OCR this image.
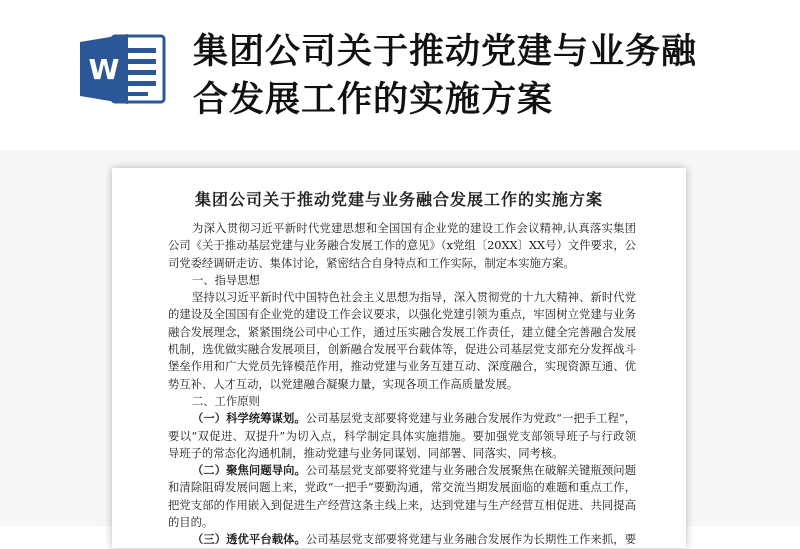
W 集团公司关于推动党建与业务融
合发展工作的实施方案
集团公司关于推动党建与业务融合发展工作的实施方案
为深入贯彻习近平新时代党建思想和全国国有企业党的建设工作会议精神,认真落实集团
公司《关于推动基层党建与业务融合发展工作的意见》（x党组〔20XX〕XX号）文件要求，公
司党委经调研走访、集体讨论，紧密结合自身特点和工作实际，制定本实施方案。
一、指导思想
坚持以习近平新时代中国特色社会主义思想为指导，深入贯彻党的十九大精神、新时代党
的建设及全国国有企业党的建设工作会议要求，以强化党建引领为重点，牢固树立党建与业务
融合发展理念，紧紧围绕公司中心工作，通过压实融合发展工作责任，建立健全完善融合发展
机制，选优做实融合发展项目，创新融合发展平台载体等，促进公司基层党支部充分发挥战斗
堡垒作用和广大党员先锋模范作用，推动党建与业务互建互动、深度融合，实现资源互通、优
势互补、人才互动，以党建融合凝聚力量，实现各项工作高质量发展。
二、工作原则
（一）科学统筹谋划。公司基层党支部要将党建与业务融合发展作为党政“一把手工程”，
要以“双促进、双提升”为切入点，科学制定具体实施措施。要加强党支部领导班子与行政领
导班子的常态化沟通机制，推动党建与业务同谋划、同部署、同落实、同考核。
（二）聚焦问题导向。公司基层党支部要将党建与业务融合发展聚焦在破解关键瓶颈问题
和清除阻碍发展问题上来，党政“一把手”要勤沟通，常交流当期发展面临的难题和重点工作，
把党支部的作用嵌入到促进生产经营这条主线上来，达到党建与生产经营互相促进、共同提高
的目的。
（三）透优平台载体。公司基层党支部要将党建与业务融合发展作为长期性工作来抓，要
